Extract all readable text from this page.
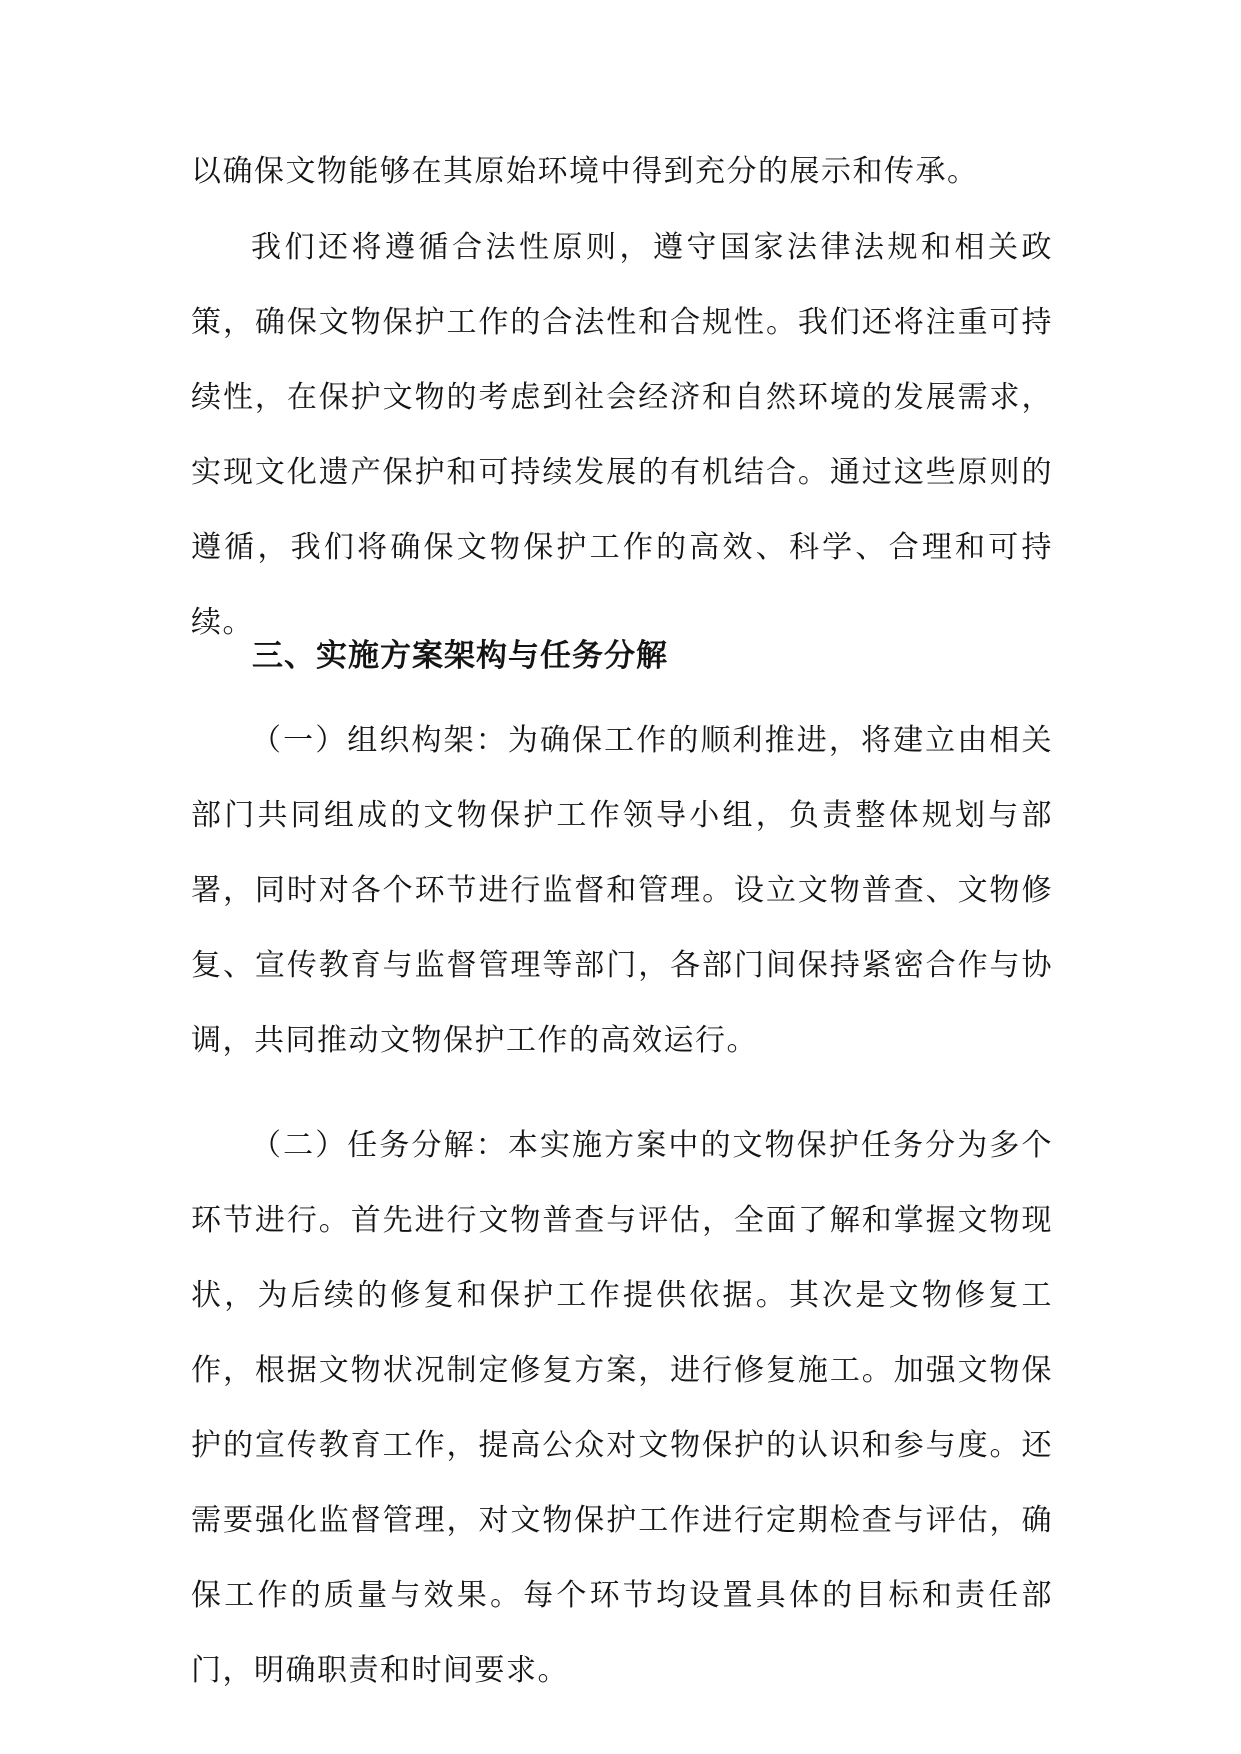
以确保文物能够在其原始环境中得到充分的展示和传承。

我们还将遵循合法性原则，遵守国家法律法规和相关政策，确保文物保护工作的合法性和合规性。我们还将注重可持续性，在保护文物的考虑到社会经济和自然环境的发展需求，实现文化遗产保护和可持续发展的有机结合。通过这些原则的遵循，我们将确保文物保护工作的高效、科学、合理和可持续。

三、实施方案架构与任务分解

（一）组织构架：为确保工作的顺利推进，将建立由相关部门共同组成的文物保护工作领导小组，负责整体规划与部署，同时对各个环节进行监督和管理。设立文物普查、文物修复、宣传教育与监督管理等部门，各部门间保持紧密合作与协调，共同推动文物保护工作的高效运行。

（二）任务分解：本实施方案中的文物保护任务分为多个环节进行。首先进行文物普查与评估，全面了解和掌握文物现状，为后续的修复和保护工作提供依据。其次是文物修复工作，根据文物状况制定修复方案，进行修复施工。加强文物保护的宣传教育工作，提高公众对文物保护的认识和参与度。还需要强化监督管理，对文物保护工作进行定期检查与评估，确保工作的质量与效果。每个环节均设置具体的目标和责任部门，明确职责和时间要求。
